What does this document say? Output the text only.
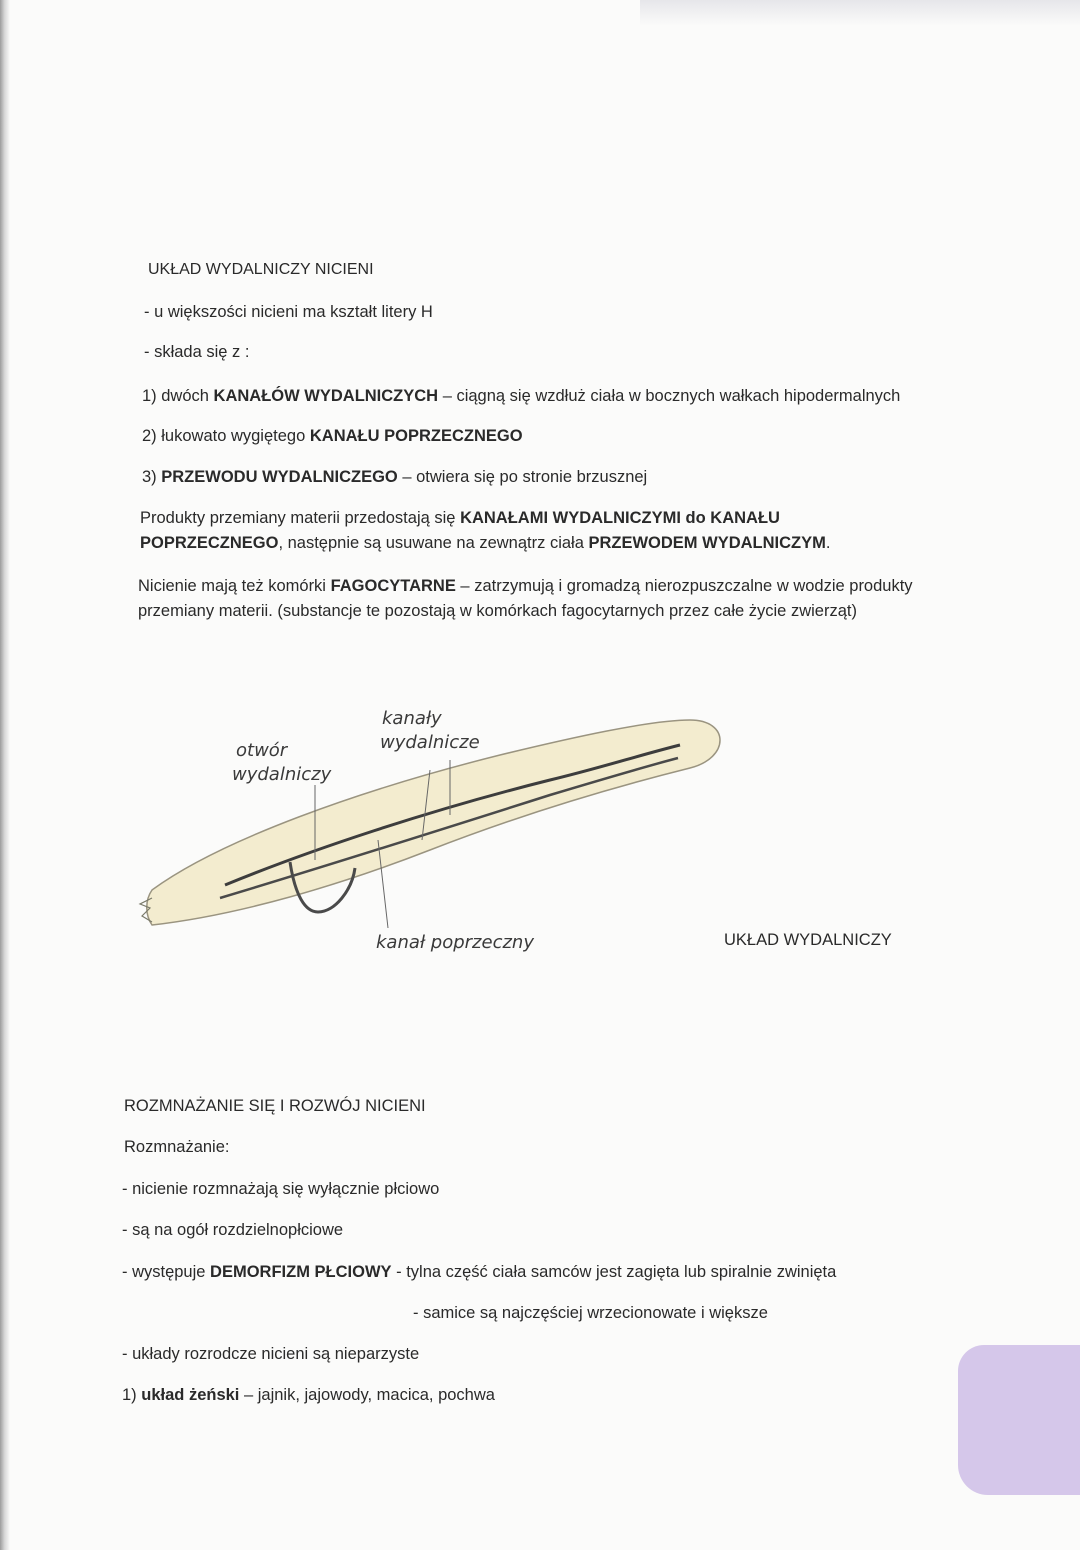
UKŁAD WYDALNICZY NICIENI
- u większości nicieni ma kształt litery H
- składa się z :
1) dwóch KANAŁÓW WYDALNICZYCH – ciągną się wzdłuż ciała w bocznych wałkach hipodermalnych
2) łukowato wygiętego KANAŁU POPRZECZNEGO
3) PRZEWODU WYDALNICZEGO – otwiera się po stronie brzusznej
Produkty przemiany materii przedostają się KANAŁAMI WYDALNICZYMI do KANAŁU POPRZECZNEGO, następnie są usuwane na zewnątrz ciała PRZEWODEM WYDALNICZYM.
Nicienie mają też komórki FAGOCYTARNE – zatrzymują i gromadzą nierozpuszczalne w wodzie produkty przemiany materii. (substancje te pozostają w komórkach fagocytarnych przez całe życie zwierząt)
otwór
wydalniczy
kanały
wydalnicze
kanał poprzeczny	UKŁAD WYDALNICZY
ROZMNAŻANIE SIĘ I ROZWÓJ NICIENI
Rozmnażanie:
- nicienie rozmnażają się wyłącznie płciowo
- są na ogół rozdzielnopłciowe
- występuje DEMORFIZM PŁCIOWY - tylna część ciała samców jest zagięta lub spiralnie zwinięta
- samice są najczęściej wrzecionowate i większe
- układy rozrodcze nicieni są nieparzyste
1) układ żeński – jajnik, jajowody, macica, pochwa
